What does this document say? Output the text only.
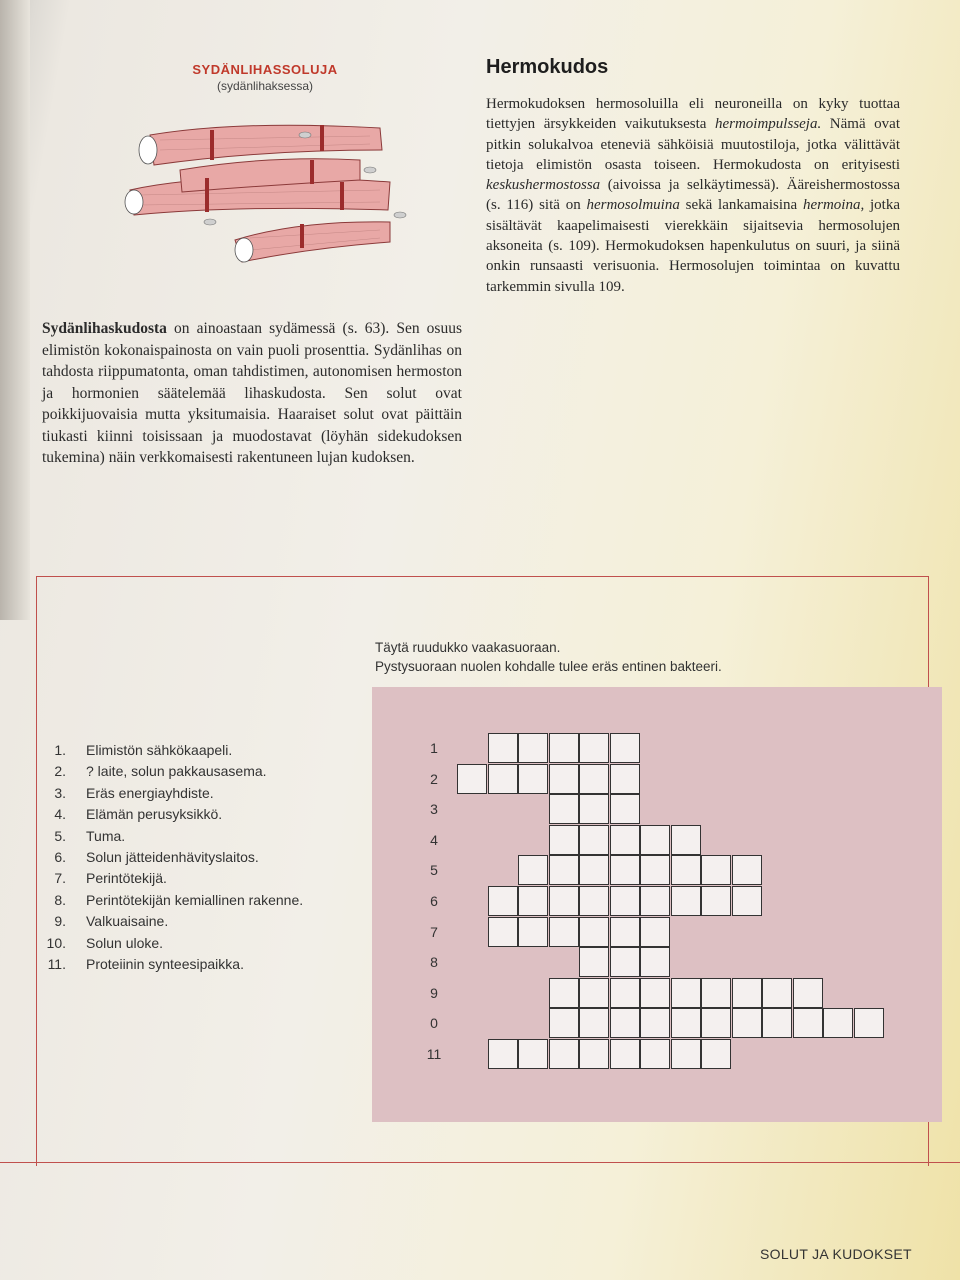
SYDÄNLIHASSOLUJA
(sydänlihaksessa)
Sydänlihaskudosta on ainoastaan sydämessä (s. 63). Sen osuus elimistön kokonaispainosta on vain puoli prosenttia. Sydänlihas on tahdosta riippumatonta, oman tahdistimen, autonomisen hermoston ja hormonien säätelemää lihaskudosta. Sen solut ovat poikkijuovaisia mutta yksitumaisia. Haaraiset solut ovat päittäin tiukasti kiinni toisissaan ja muodostavat (löyhän sidekudoksen tukemina) näin verkkomaisesti rakentuneen lujan kudoksen.
Hermokudos
Hermokudoksen hermosoluilla eli neuroneilla on kyky tuottaa tiettyjen ärsykkeiden vaikutuksesta hermoimpulsseja. Nämä ovat pitkin solukalvoa eteneviä sähköisiä muutostiloja, jotka välittävät tietoja elimistön osasta toiseen. Hermokudosta on erityisesti keskushermostossa (aivoissa ja selkäytimessä). Ääreishermostossa (s. 116) sitä on hermosolmuina sekä lankamaisina hermoina, jotka sisältävät kaapelimaisesti vierekkäin sijaitsevia hermosolujen aksoneita (s. 109). Hermokudoksen hapenkulutus on suuri, ja siinä onkin runsaasti verisuonia. Hermosolujen toimintaa on kuvattu tarkemmin sivulla 109.
Täytä ruudukko vaakasuoraan.
Pystysuoraan nuolen kohdalle tulee eräs entinen bakteeri.
1. Elimistön sähkökaapeli.
2. ? laite, solun pakkausasema.
3. Eräs energiayhdiste.
4. Elämän perusyksikkö.
5. Tuma.
6. Solun jätteidenhävityslaitos.
7. Perintötekijä.
8. Perintötekijän kemiallinen rakenne.
9. Valkuaisaine.
10. Solun uloke.
11. Proteiinin synteesipaikka.
1
2
3
4
5
6
7
8
9
0
11
SOLUT JA KUDOKSET
